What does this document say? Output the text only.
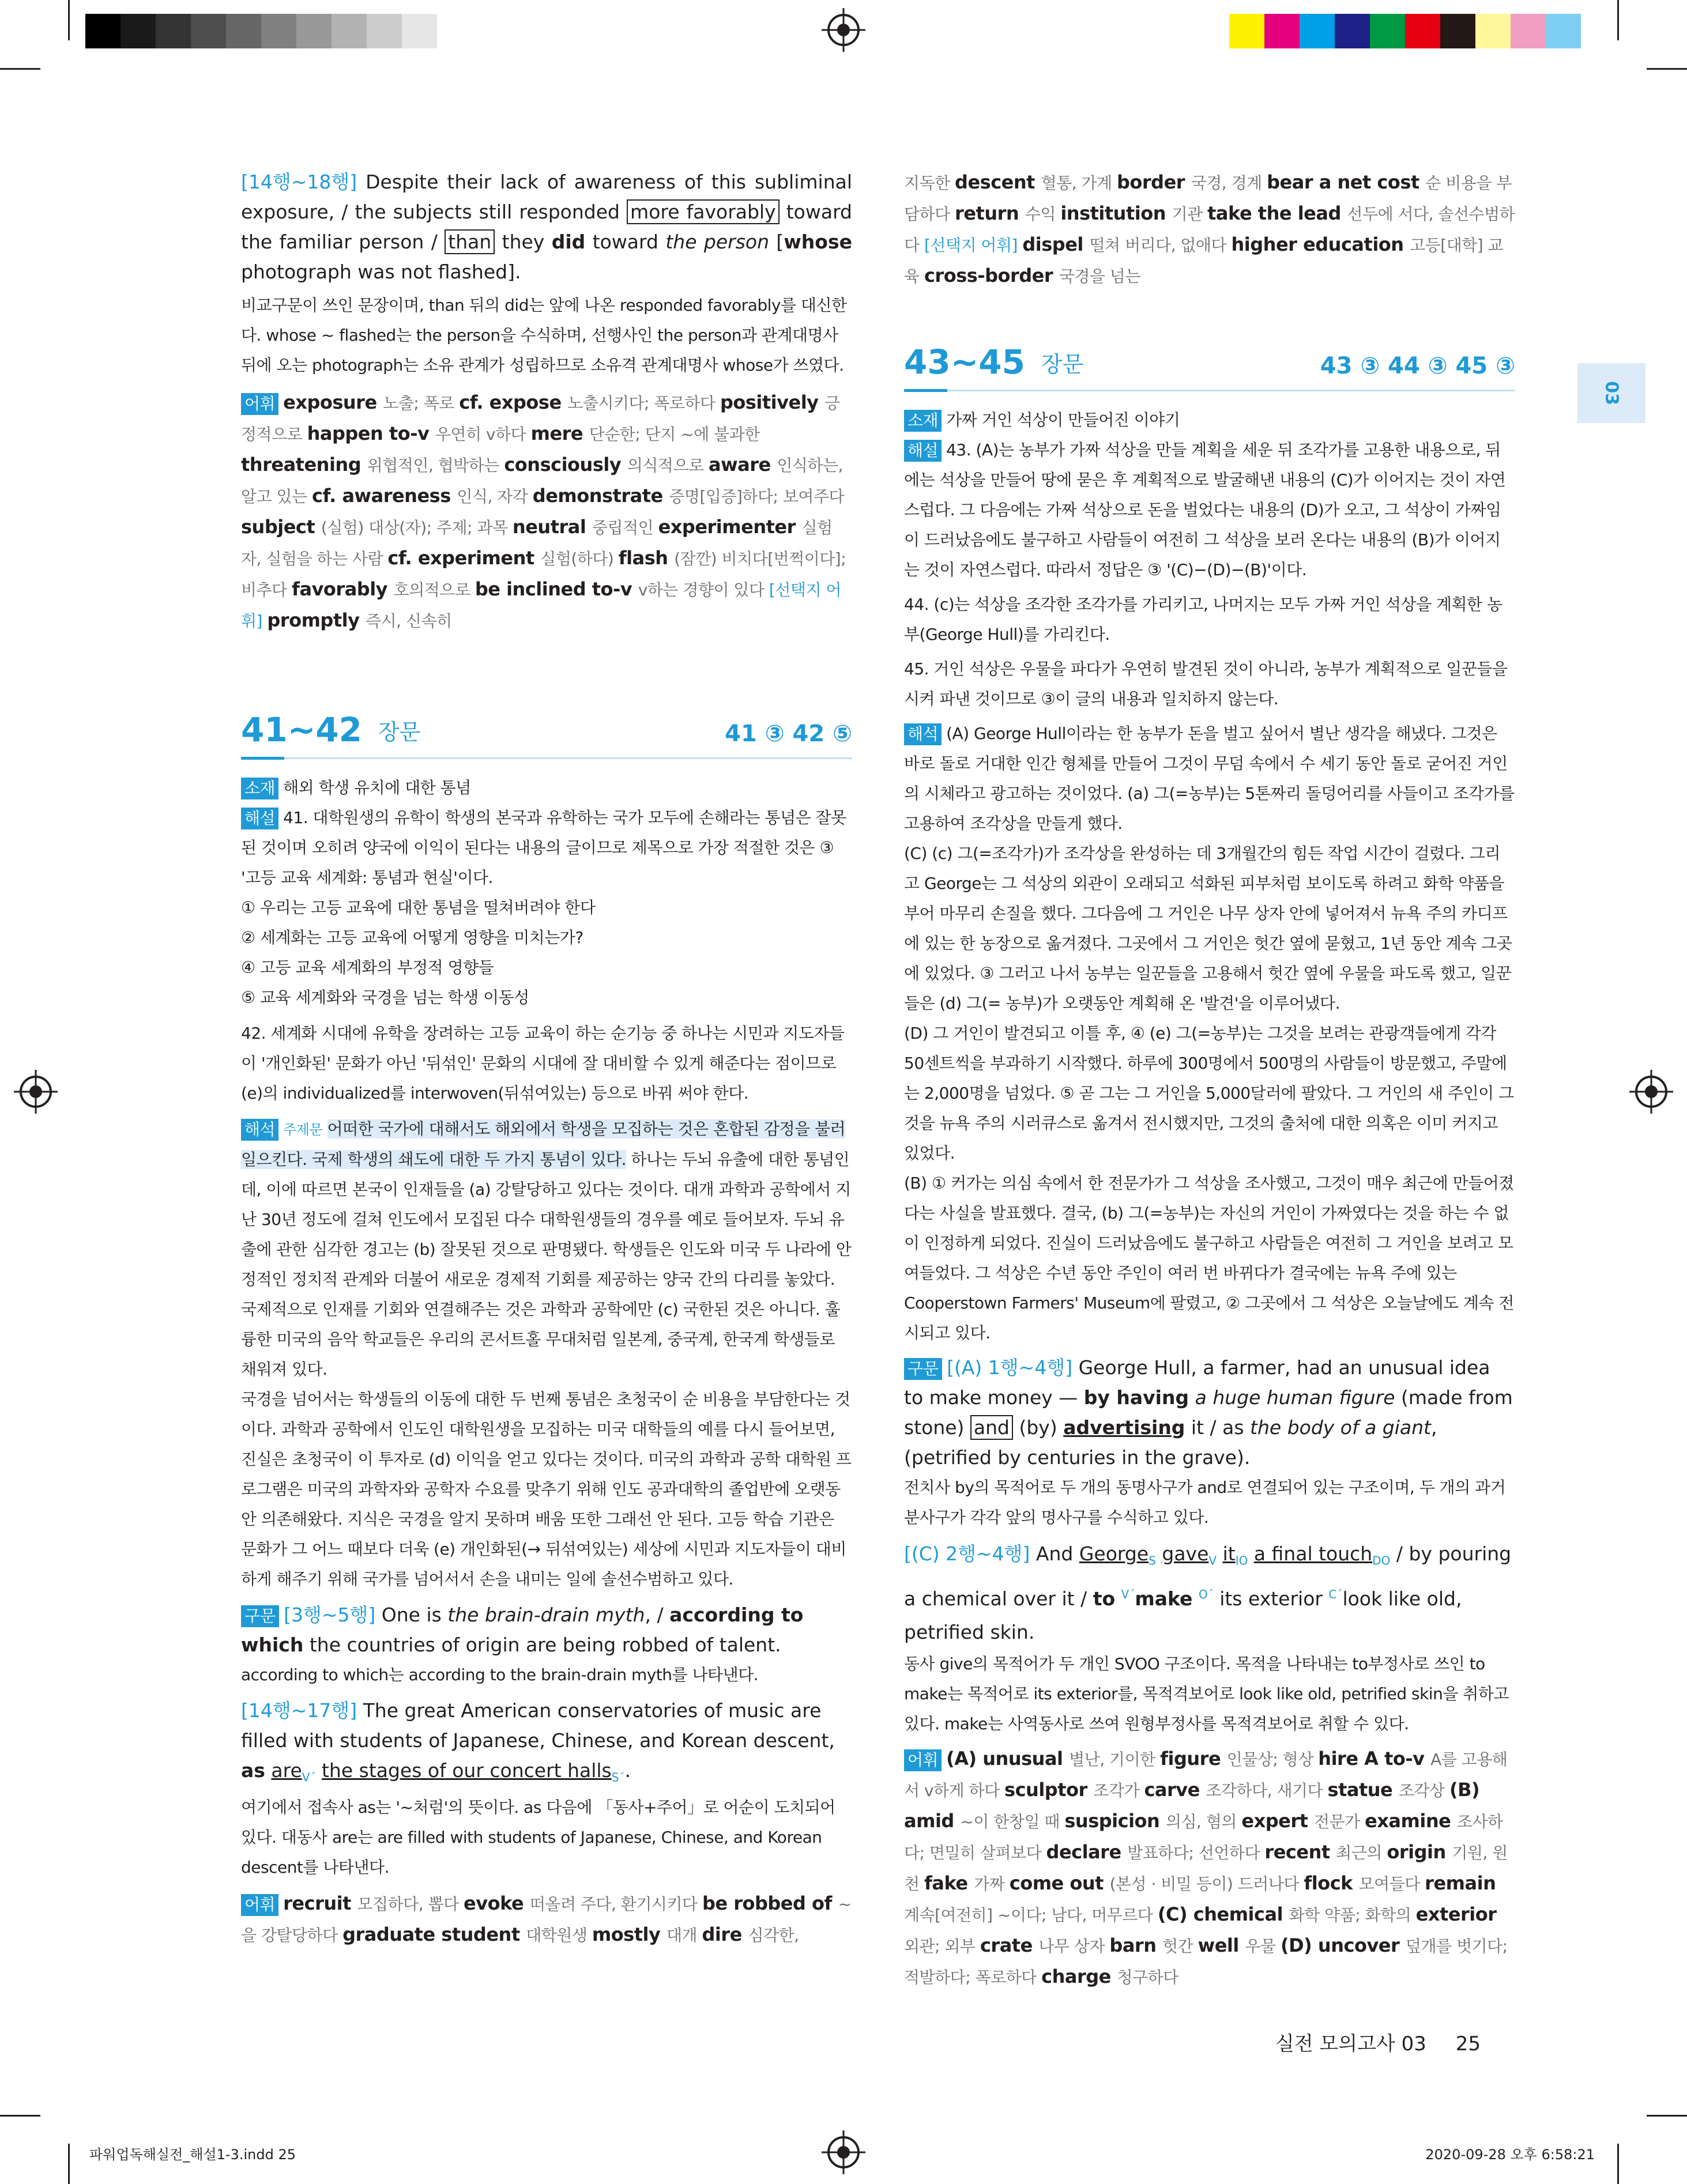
파워업독해실전_해설1-3.indd 25	2020-09-28 오후 6:58:21
03

[14행~18행] Despite their lack of awareness of this subliminal exposure, / the subjects still responded more favorably toward the familiar person / than they did toward the person [whose photograph was not flashed].

비교구문이 쓰인 문장이며, than 뒤의 did는 앞에 나온 responded favorably를 대신한다. whose ~ flashed는 the person을 수식하며, 선행사인 the person과 관계대명사 뒤에 오는 photograph는 소유 관계가 성립하므로 소유격 관계대명사 whose가 쓰였다.

어휘 exposure 노출; 폭로 cf. expose 노출시키다; 폭로하다 positively 긍정적으로 happen to-v 우연히 v하다 mere 단순한; 단지 ~에 불과한 threatening 위협적인, 협박하는 consciously 의식적으로 aware 인식하는, 알고 있는 cf. awareness 인식, 자각 demonstrate 증명[입증]하다; 보여주다 subject (실험) 대상(자); 주제; 과목 neutral 중립적인 experimenter 실험자, 실험을 하는 사람 cf. experiment 실험(하다) flash (잠깐) 비치다[번쩍이다]; 비추다 favorably 호의적으로 be inclined to-v v하는 경향이 있다 [선택지 어휘] promptly 즉시, 신속히

41~42 장문	41 ③ 42 ⑤

소재 해외 학생 유치에 대한 통념

해설 41. 대학원생의 유학이 학생의 본국과 유학하는 국가 모두에 손해라는 통념은 잘못된 것이며 오히려 양국에 이익이 된다는 내용의 글이므로 제목으로 가장 적절한 것은 ③ '고등 교육 세계화: 통념과 현실'이다.

① 우리는 고등 교육에 대한 통념을 떨쳐버려야 한다

② 세계화는 고등 교육에 어떻게 영향을 미치는가?

④ 고등 교육 세계화의 부정적 영향들

⑤ 교육 세계화와 국경을 넘는 학생 이동성

42. 세계화 시대에 유학을 장려하는 고등 교육이 하는 순기능 중 하나는 시민과 지도자들이 '개인화된' 문화가 아닌 '뒤섞인' 문화의 시대에 잘 대비할 수 있게 해준다는 점이므로 (e)의 individualized를 interwoven(뒤섞여있는) 등으로 바꿔 써야 한다.

해석 주제문 어떠한 국가에 대해서도 해외에서 학생을 모집하는 것은 혼합된 감정을 불러일으킨다. 국제 학생의 쇄도에 대한 두 가지 통념이 있다. 하나는 두뇌 유출에 대한 통념인데, 이에 따르면 본국이 인재들을 (a) 강탈당하고 있다는 것이다. 대개 과학과 공학에서 지난 30년 정도에 걸쳐 인도에서 모집된 다수 대학원생들의 경우를 예로 들어보자. 두뇌 유출에 관한 심각한 경고는 (b) 잘못된 것으로 판명됐다. 학생들은 인도와 미국 두 나라에 안정적인 정치적 관계와 더불어 새로운 경제적 기회를 제공하는 양국 간의 다리를 놓았다. 국제적으로 인재를 기회와 연결해주는 것은 과학과 공학에만 (c) 국한된 것은 아니다. 훌륭한 미국의 음악 학교들은 우리의 콘서트홀 무대처럼 일본계, 중국계, 한국계 학생들로 채워져 있다.

국경을 넘어서는 학생들의 이동에 대한 두 번째 통념은 초청국이 순 비용을 부담한다는 것이다. 과학과 공학에서 인도인 대학원생을 모집하는 미국 대학들의 예를 다시 들어보면, 진실은 초청국이 이 투자로 (d) 이익을 얻고 있다는 것이다. 미국의 과학과 공학 대학원 프로그램은 미국의 과학자와 공학자 수요를 맞추기 위해 인도 공과대학의 졸업반에 오랫동안 의존해왔다. 지식은 국경을 알지 못하며 배움 또한 그래선 안 된다. 고등 학습 기관은 문화가 그 어느 때보다 더욱 (e) 개인화된(→ 뒤섞여있는) 세상에 시민과 지도자들이 대비하게 해주기 위해 국가를 넘어서서 손을 내미는 일에 솔선수범하고 있다.

구문 [3행~5행] One is the brain-drain myth, / according to which the countries of origin are being robbed of talent.

according to which는 according to the brain-drain myth를 나타낸다.

[14행~17행] The great American conservatories of music are filled with students of Japanese, Chinese, and Korean descent, as are$_{V´}$ the stages of our concert halls$_{S´}$.

여기에서 접속사 as는 '~처럼'의 뜻이다. as 다음에 「동사+주어」로 어순이 도치되어 있다. 대동사 are는 are filled with students of Japanese, Chinese, and Korean descent를 나타낸다.

어휘 recruit 모집하다, 뽑다 evoke 떠올려 주다, 환기시키다 be robbed of ~을 강탈당하다 graduate student 대학원생 mostly 대개 dire 심각한,

지독한 descent 혈통, 가계 border 국경, 경계 bear a net cost 순 비용을 부담하다 return 수익 institution 기관 take the lead 선두에 서다, 솔선수범하다 [선택지 어휘] dispel 떨쳐 버리다, 없애다 higher education 고등[대학] 교육 cross-border 국경을 넘는

43~45 장문	43 ③ 44 ③ 45 ③

소재 가짜 거인 석상이 만들어진 이야기

해설 43. (A)는 농부가 가짜 석상을 만들 계획을 세운 뒤 조각가를 고용한 내용으로, 뒤에는 석상을 만들어 땅에 묻은 후 계획적으로 발굴해낸 내용의 (C)가 이어지는 것이 자연스럽다. 그 다음에는 가짜 석상으로 돈을 벌었다는 내용의 (D)가 오고, 그 석상이 가짜임이 드러났음에도 불구하고 사람들이 여전히 그 석상을 보러 온다는 내용의 (B)가 이어지는 것이 자연스럽다. 따라서 정답은 ③ '(C)−(D)−(B)'이다.

44. (c)는 석상을 조각한 조각가를 가리키고, 나머지는 모두 가짜 거인 석상을 계획한 농부(George Hull)를 가리킨다.

45. 거인 석상은 우물을 파다가 우연히 발견된 것이 아니라, 농부가 계획적으로 일꾼들을 시켜 파낸 것이므로 ③이 글의 내용과 일치하지 않는다.

해석 (A) George Hull이라는 한 농부가 돈을 벌고 싶어서 별난 생각을 해냈다. 그것은 바로 돌로 거대한 인간 형체를 만들어 그것이 무덤 속에서 수 세기 동안 돌로 굳어진 거인의 시체라고 광고하는 것이었다. (a) 그(=농부)는 5톤짜리 돌덩어리를 사들이고 조각가를 고용하여 조각상을 만들게 했다.

(C) (c) 그(=조각가)가 조각상을 완성하는 데 3개월간의 힘든 작업 시간이 걸렸다. 그리고 George는 그 석상의 외관이 오래되고 석화된 피부처럼 보이도록 하려고 화학 약품을 부어 마무리 손질을 했다. 그다음에 그 거인은 나무 상자 안에 넣어져서 뉴욕 주의 카디프에 있는 한 농장으로 옮겨졌다. 그곳에서 그 거인은 헛간 옆에 묻혔고, 1년 동안 계속 그곳에 있었다. ③ 그러고 나서 농부는 일꾼들을 고용해서 헛간 옆에 우물을 파도록 했고, 일꾼들은 (d) 그(= 농부)가 오랫동안 계획해 온 '발견'을 이루어냈다.

(D) 그 거인이 발견되고 이틀 후, ④ (e) 그(=농부)는 그것을 보려는 관광객들에게 각각 50센트씩을 부과하기 시작했다. 하루에 300명에서 500명의 사람들이 방문했고, 주말에는 2,000명을 넘었다. ⑤ 곧 그는 그 거인을 5,000달러에 팔았다. 그 거인의 새 주인이 그것을 뉴욕 주의 시러큐스로 옮겨서 전시했지만, 그것의 출처에 대한 의혹은 이미 커지고 있었다.

(B) ① 커가는 의심 속에서 한 전문가가 그 석상을 조사했고, 그것이 매우 최근에 만들어졌다는 사실을 발표했다. 결국, (b) 그(=농부)는 자신의 거인이 가짜였다는 것을 하는 수 없이 인정하게 되었다. 진실이 드러났음에도 불구하고 사람들은 여전히 그 거인을 보려고 모여들었다. 그 석상은 수년 동안 주인이 여러 번 바뀌다가 결국에는 뉴욕 주에 있는 Cooperstown Farmers' Museum에 팔렸고, ② 그곳에서 그 석상은 오늘날에도 계속 전시되고 있다.

구문 [(A) 1행~4행] George Hull, a farmer, had an unusual idea to make money — by having a huge human figure (made from stone) and (by) advertising it / as the body of a giant, (petrified by centuries in the grave).

전치사 by의 목적어로 두 개의 동명사구가 and로 연결되어 있는 구조이며, 두 개의 과거분사구가 각각 앞의 명사구를 수식하고 있다.

[(C) 2행~4행] And George$_S$ gave$_V$ $it_{IO}$ a final touch$_{DO}$ / by pouring a chemical over it / to $^{V´}$make $^{O´}$ its exterior $^{C´}$look like old, petrified skin.

동사 give의 목적어가 두 개인 SVOO 구조이다. 목적을 나타내는 to부정사로 쓰인 to make는 목적어로 its exterior를, 목적격보어로 look like old, petrified skin을 취하고 있다. make는 사역동사로 쓰여 원형부정사를 목적격보어로 취할 수 있다.

어휘 (A) unusual 별난, 기이한 figure 인물상; 형상 hire A to-v A를 고용해서 v하게 하다 sculptor 조각가 carve 조각하다, 새기다 statue 조각상 (B) amid ~이 한창일 때 suspicion 의심, 혐의 expert 전문가 examine 조사하다; 면밀히 살펴보다 declare 발표하다; 선언하다 recent 최근의 origin 기원, 원천 fake 가짜 come out (본성 · 비밀 등이) 드러나다 flock 모여들다 remain 계속[여전히] ~이다; 남다, 머무르다 (C) chemical 화학 약품; 화학의 exterior 외관; 외부 crate 나무 상자 barn 헛간 well 우물 (D) uncover 덮개를 벗기다; 적발하다; 폭로하다 charge 청구하다

실전 모의고사 03 25
